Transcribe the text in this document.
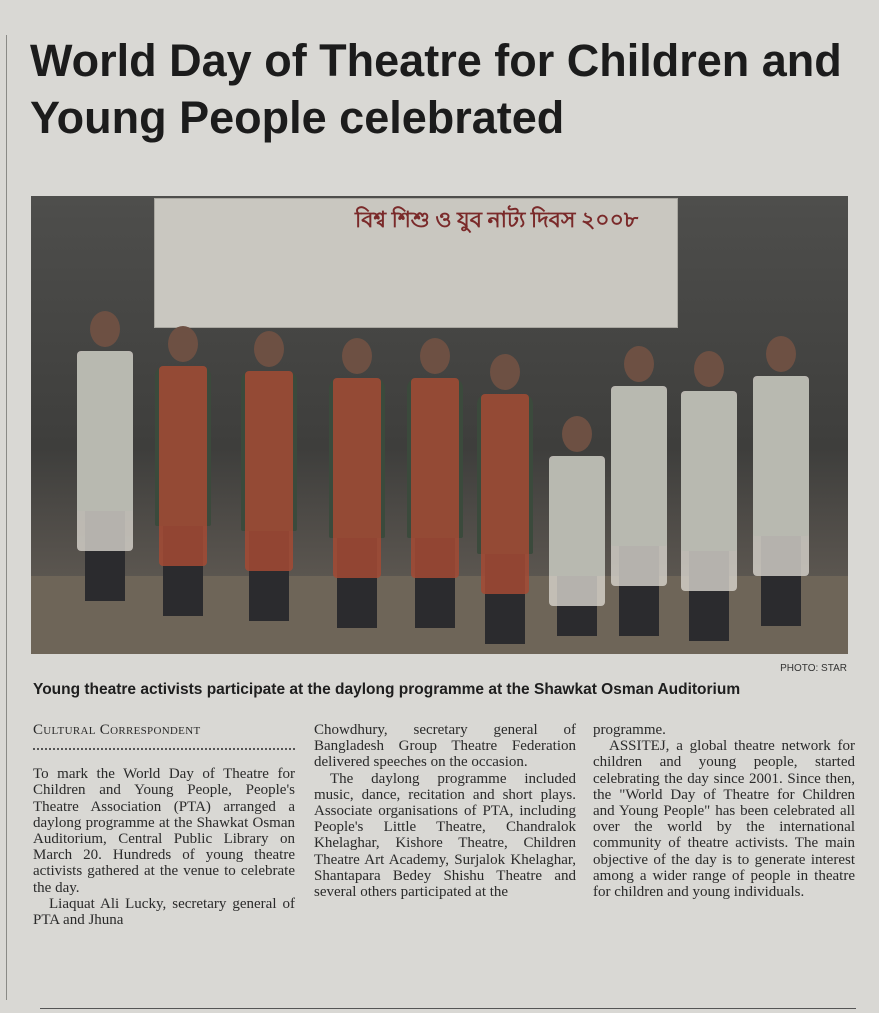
World Day of Theatre for Children and Young People celebrated
বিশ্ব শিশু ও যুব নাট্য দিবস ২০০৮
PHOTO: STAR
Young theatre activists participate at the daylong programme at the Shawkat Osman Auditorium
Cultural Correspondent

To mark the World Day of Theatre for Children and Young People, People's Theatre Association (PTA) arranged a daylong programme at the Shawkat Osman Auditorium, Central Public Library on March 20. Hundreds of young theatre activists gathered at the venue to celebrate the day.

Liaquat Ali Lucky, secretary general of PTA and Jhuna

Chowdhury, secretary general of Bangladesh Group Theatre Federation delivered speeches on the occasion.

The daylong programme included music, dance, recitation and short plays. Associate organisations of PTA, including People's Little Theatre, Chandralok Khelaghar, Kishore Theatre, Children Theatre Art Academy, Surjalok Khelaghar, Shantapara Bedey Shishu Theatre and several others participated at the

programme.

ASSITEJ, a global theatre network for children and young people, started celebrating the day since 2001. Since then, the "World Day of Theatre for Children and Young People" has been celebrated all over the world by the international community of theatre activists. The main objective of the day is to generate interest among a wider range of people in theatre for children and young individuals.
